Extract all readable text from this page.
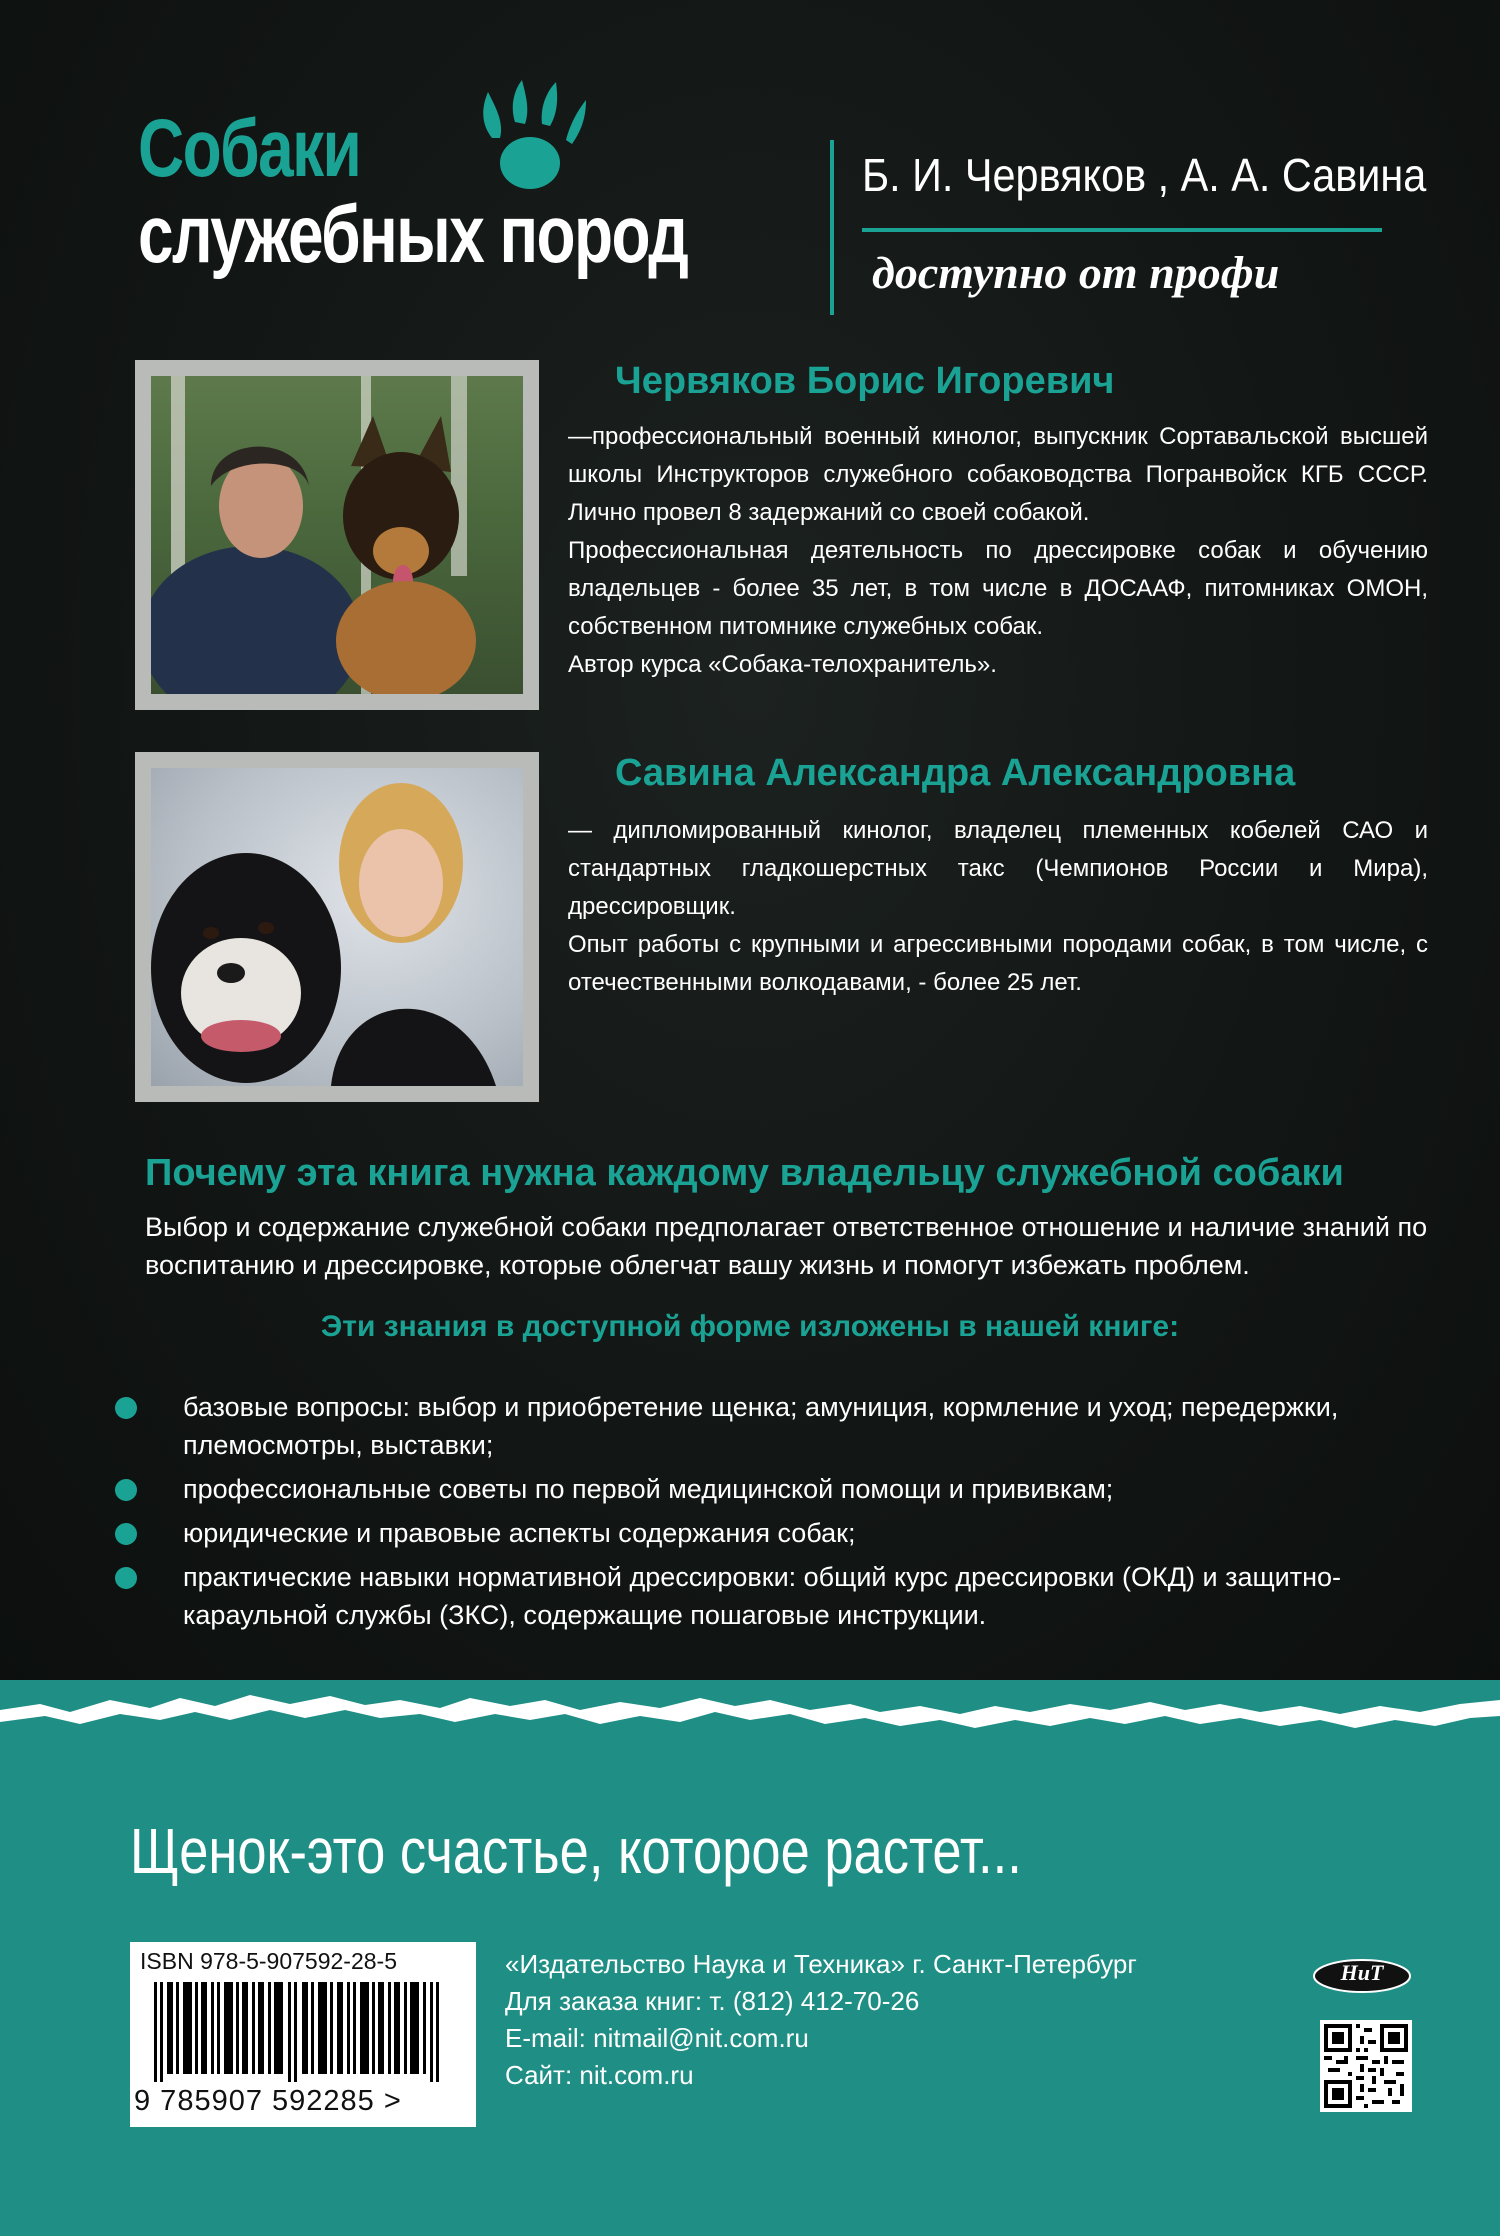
Собаки
служебных пород
Б. И. Червяков , А. А. Савина
доступно от профи
Червяков Борис Игоревич

—профессиональный военный кинолог, выпускник Сортавальской высшей школы Инструкторов служебного собаководства Погранвойск КГБ СССР. Лично провел 8 задержаний со своей собакой.

Профессиональная деятельность по дрессировке собак и обучению владельцев - более 35 лет, в том числе в ДОСААФ, питомниках ОМОН, собственном питомнике служебных собак.

Автор курса «Собака-телохранитель».

Савина Александра Александровна

— дипломированный кинолог, владелец племенных кобелей САО и стандартных гладкошерстных такс (Чемпионов России и Мира), дрессировщик.

Опыт работы с крупными и агрессивными породами собак, в том числе, с отечественными волкодавами, - более 25 лет.

Почему эта книга нужна каждому владельцу служебной собаки
Выбор и содержание служебной собаки предполагает ответственное отношение и наличие знаний по воспитанию и дрессировке, которые облегчат вашу жизнь и помогут избежать проблем.
Эти знания в доступной форме изложены в нашей книге:
базовые вопросы: выбор и приобретение щенка; амуниция, кормление и уход; передержки, племосмотры, выставки;
профессиональные советы по первой медицинской помощи и прививкам;
юридические и правовые аспекты содержания собак;
практические навыки нормативной дрессировки: общий курс дрессировки (ОКД) и защитно-караульной службы (ЗКС), содержащие пошаговые инструкции.
Щенок-это счастье, которое растет...
ISBN 978-5-907592-28-5
9 785907 592285 >
«Издательство Наука и Техника» г. Санкт-Петербург
Для заказа книг: т. (812) 412-70-26
E-mail: nitmail@nit.com.ru
Сайт: nit.com.ru
НиТ
